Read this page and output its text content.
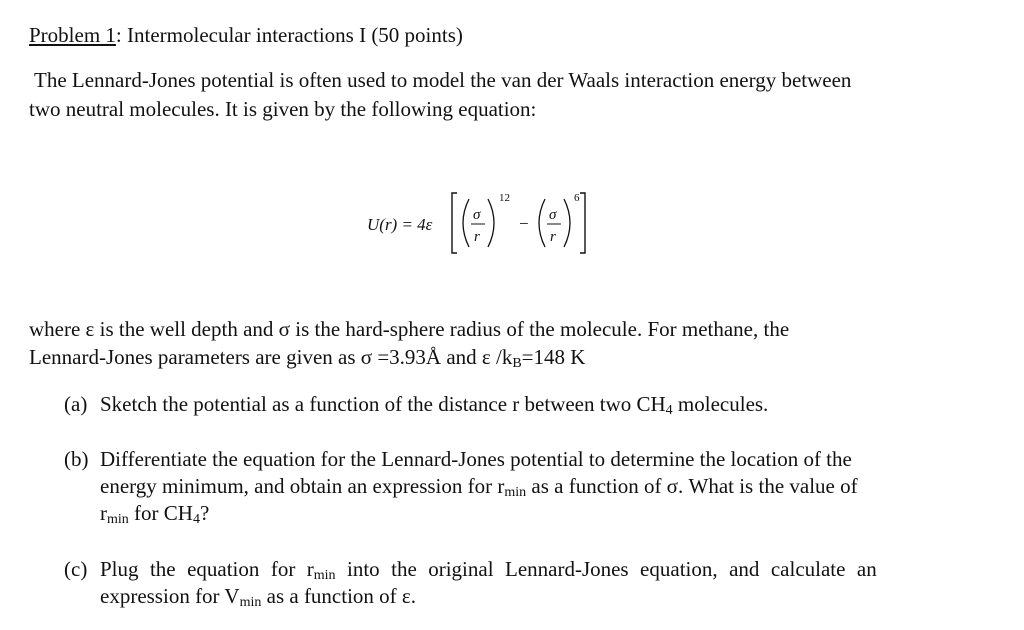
Problem 1: Intermolecular interactions I (50 points)
The Lennard-Jones potential is often used to model the van der Waals interaction energy between
two neutral molecules. It is given by the following equation:
U(r) = 4ε	σ
r
12
− σ
r
6
where ε is the well depth and σ is the hard-sphere radius of the molecule. For methane, the
Lennard-Jones parameters are given as σ =3.93Å and ε $/k_B=148$ K
(a) Sketch the potential as a function of the distance r between two $CH_4$ molecules.
(b) Differentiate the equation for the Lennard-Jones potential to determine the location of the
energy minimum, and obtain an expression for $r_{min}$ as a function of σ. What is the value of
$r_{min}$ for $CH_4$?
(c) Plug the equation for $r_{min}$ into the original Lennard-Jones equation, and calculate an
expression for $V_{min}$ as a function of ε.
